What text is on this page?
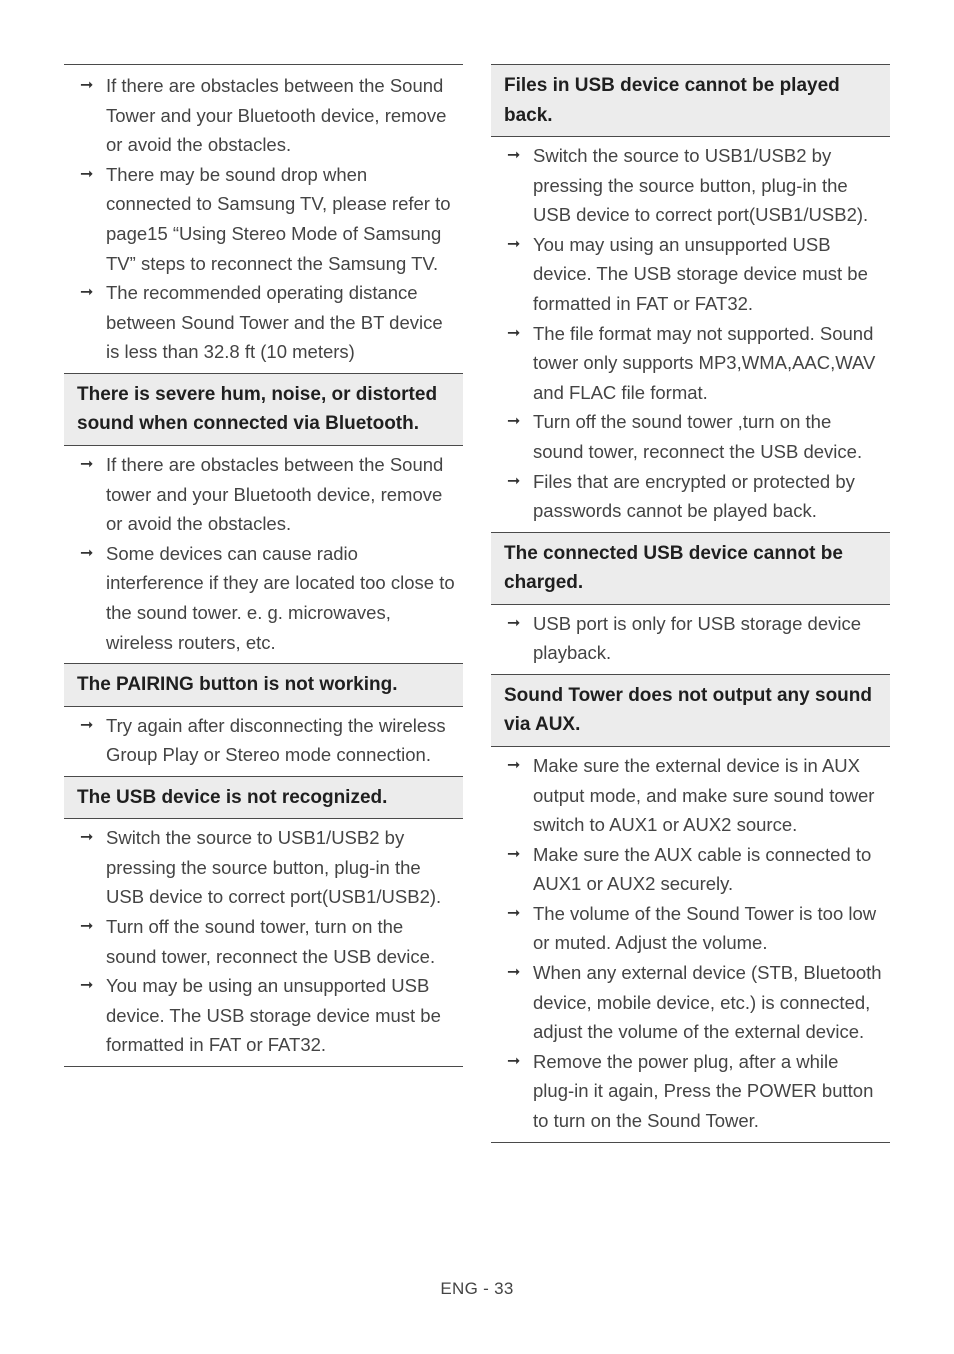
➞ If there are obstacles between the Sound Tower and your Bluetooth device, remove or avoid the obstacles.
➞ There may be sound drop when connected to Samsung TV, please refer to page15 “Using Stereo Mode of Samsung TV” steps to reconnect the Samsung TV.
➞ The recommended operating distance between Sound Tower and the BT device is less than 32.8 ft (10 meters)
There is severe hum, noise, or distorted sound when connected via Bluetooth.
➞ If there are obstacles between the Sound tower and your Bluetooth device, remove or avoid the obstacles.
➞ Some devices can cause radio interference if they are located too close to the sound tower. e. g. microwaves, wireless routers, etc.
The PAIRING button is not working.
➞ Try again after disconnecting the wireless Group Play or Stereo mode connection.
The USB device is not recognized.
➞ Switch the source to USB1/USB2 by pressing the source button, plug-in the USB device to correct port(USB1/USB2).
➞ Turn off the sound tower, turn on the sound tower, reconnect the USB device.
➞ You may be using an unsupported USB device. The USB storage device must be formatted in FAT or FAT32.
Files in USB device cannot be played back.
➞ Switch the source to USB1/USB2 by pressing the source button, plug-in the USB device to correct port(USB1/USB2).
➞ You may using an unsupported USB device. The USB storage device must be formatted in FAT or FAT32.
➞ The file format may not supported. Sound tower only supports MP3,WMA,AAC,WAV and FLAC file format.
➞ Turn off the sound tower ,turn on the sound tower, reconnect the USB device.
➞ Files that are encrypted or protected by passwords cannot be played back.
The connected USB device cannot be charged.
➞ USB port is only for USB storage device playback.
Sound Tower does not output any sound via AUX.
➞ Make sure the external device is in AUX output mode, and make sure sound tower switch to AUX1 or AUX2 source.
➞ Make sure the AUX cable is connected to AUX1 or AUX2 securely.
➞ The volume of the Sound Tower is too low or muted. Adjust the volume.
➞ When any external device (STB, Bluetooth device, mobile device, etc.) is connected, adjust the volume of the external device.
➞ Remove the power plug, after a while plug-in it again, Press the POWER button to turn on the Sound Tower.
ENG - 33
